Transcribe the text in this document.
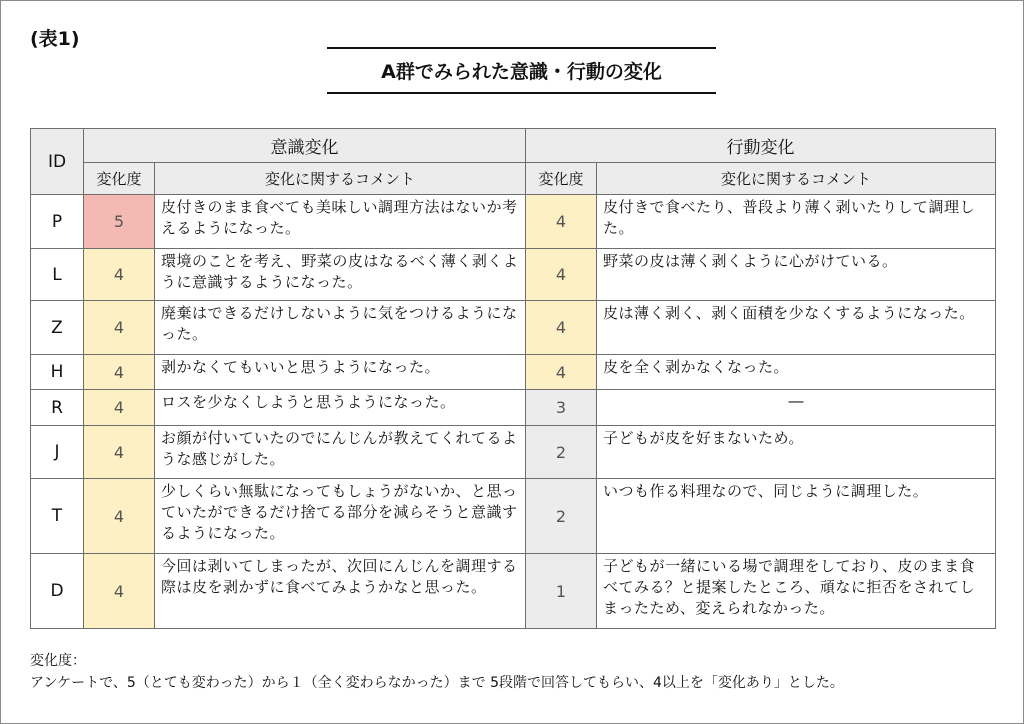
(表1)
A群でみられた意識・行動の変化
ID	意識変化		行動変化	
	変化度	変化に関するコメント	変化度	変化に関するコメント
P	5	皮付きのまま食べても美味しい調理方法はないか考えるようになった。	4	皮付きで食べたり、普段より薄く剥いたりして調理した。
L	4	環境のことを考え、野菜の皮はなるべく薄く剥くように意識するようになった。	4	野菜の皮は薄く剥くように心がけている。
Z	4	廃棄はできるだけしないように気をつけるようになった。	4	皮は薄く剥く、剥く面積を少なくするようになった。
H	4	剥かなくてもいいと思うようになった。	4	皮を全く剥かなくなった。
R	4	ロスを少なくしようと思うようになった。	3	―
J	4	お顔が付いていたのでにんじんが教えてくれてるような感じがした。	2	子どもが皮を好まないため。
T	4	少しくらい無駄になってもしょうがないか、と思っていたができるだけ捨てる部分を減らそうと意識するようになった。	2	いつも作る料理なので、同じように調理した。
D	4	今回は剥いてしまったが、次回にんじんを調理する際は皮を剥かずに食べてみようかなと思った。	1	子どもが一緒にいる場で調理をしており、皮のまま食べてみる？と提案したところ、頑なに拒否をされてしまったため、変えられなかった。
変化度：
アンケートで、5（とても変わった）から１（全く変わらなかった）まで 5段階で回答してもらい、4以上を「変化あり」とした。
